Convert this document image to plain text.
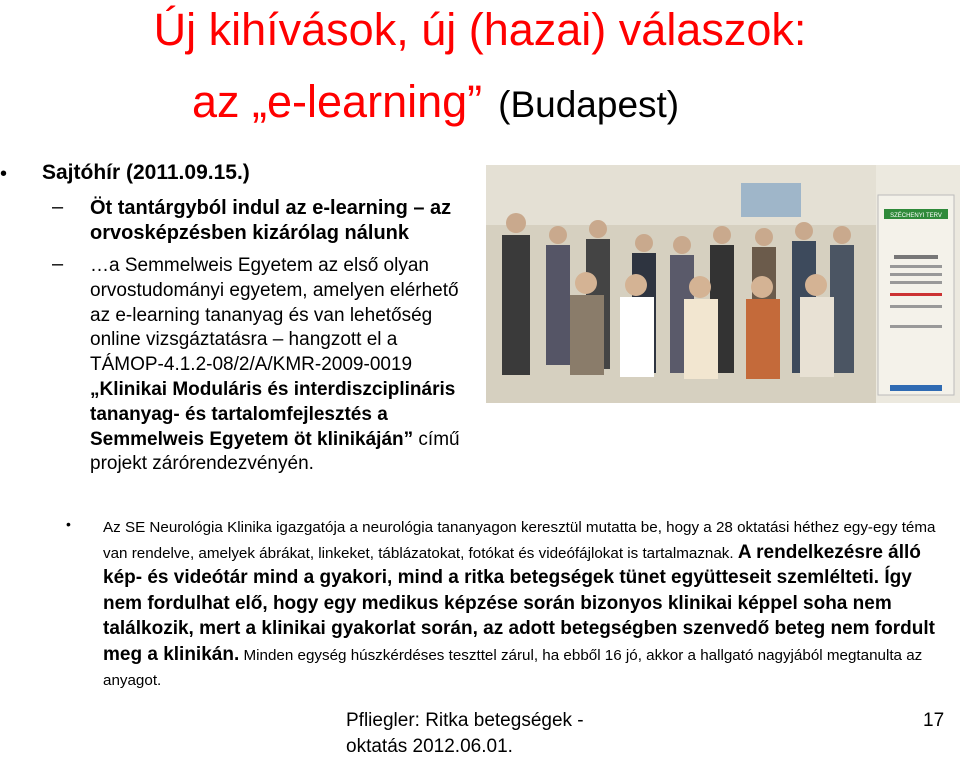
Új kihívások, új (hazai) válaszok:
az „e-learning” (Budapest)
• Sajtóhír (2011.09.15.)
– Öt tantárgyból indul az e-learning – az orvosképzésben kizárólag nálunk
– …a Semmelweis Egyetem az első olyan orvostudományi egyetem, amelyen elérhető az e-learning tananyag és van lehetőség online vizsgáztatásra – hangzott el a TÁMOP-4.1.2-08/2/A/KMR-2009-0019 „Klinikai Moduláris és interdiszciplináris tananyag- és tartalomfejlesztés a Semmelweis Egyetem öt klinikáján” című projekt zárórendezvényén.
SZÉCHENYI TERV
• Az SE Neurológia Klinika igazgatója a neurológia tananyagon keresztül mutatta be, hogy a 28 oktatási héthez egy-egy téma van rendelve, amelyek ábrákat, linkeket, táblázatokat, fotókat és videófájlokat is tartalmaznak. A rendelkezésre álló kép- és videótár mind a gyakori, mind a ritka betegségek tünet együtteseit szemlélteti. Így nem fordulhat elő, hogy egy medikus képzése során bizonyos klinikai képpel soha nem találkozik, mert a klinikai gyakorlat során, az adott betegségben szenvedő beteg nem fordult meg a klinikán. Minden egység húszkérdéses teszttel zárul, ha ebből 16 jó, akkor a hallgató nagyjából megtanulta az anyagot.
Pfliegler: Ritka betegségek - oktatás 2012.06.01.
17
